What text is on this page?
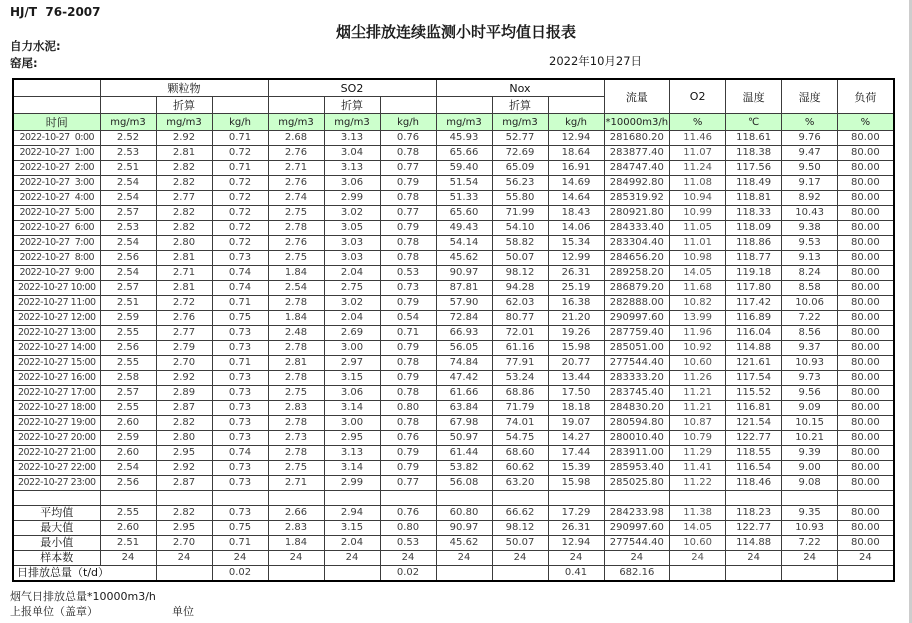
HJ/T  76-2007
烟尘排放连续监测小时平均值日报表
自力水泥:
窑尾:	2022年10月27日
	颗粒物			SO2			Nox			流量	O2	温度	湿度	负荷
		折算			折算			折算						
时间	mg/m3	mg/m3	kg/h	mg/m3	mg/m3	kg/h	mg/m3	mg/m3	kg/h	*10000m3/h	%	℃	%	%
2022-10-27  0:00	2.52	2.92	0.71	2.68	3.13	0.76	45.93	52.77	12.94	281680.20	11.46	118.61	9.76	80.00
2022-10-27  1:00	2.53	2.81	0.72	2.76	3.04	0.78	65.66	72.69	18.64	283877.40	11.07	118.38	9.47	80.00
2022-10-27  2:00	2.51	2.82	0.71	2.71	3.13	0.77	59.40	65.09	16.91	284747.40	11.24	117.56	9.50	80.00
2022-10-27  3:00	2.54	2.82	0.72	2.76	3.06	0.79	51.54	56.23	14.69	284992.80	11.08	118.49	9.17	80.00
2022-10-27  4:00	2.54	2.77	0.72	2.74	2.99	0.78	51.33	55.80	14.64	285319.92	10.94	118.81	8.92	80.00
2022-10-27  5:00	2.57	2.82	0.72	2.75	3.02	0.77	65.60	71.99	18.43	280921.80	10.99	118.33	10.43	80.00
2022-10-27  6:00	2.53	2.82	0.72	2.78	3.05	0.79	49.43	54.10	14.06	284333.40	11.05	118.09	9.38	80.00
2022-10-27  7:00	2.54	2.80	0.72	2.76	3.03	0.78	54.14	58.82	15.34	283304.40	11.01	118.86	9.53	80.00
2022-10-27  8:00	2.56	2.81	0.73	2.75	3.03	0.78	45.62	50.07	12.99	284656.20	10.98	118.77	9.13	80.00
2022-10-27  9:00	2.54	2.71	0.74	1.84	2.04	0.53	90.97	98.12	26.31	289258.20	14.05	119.18	8.24	80.00
2022-10-27 10:00	2.57	2.81	0.74	2.54	2.75	0.73	87.81	94.28	25.19	286879.20	11.68	117.80	8.58	80.00
2022-10-27 11:00	2.51	2.72	0.71	2.78	3.02	0.79	57.90	62.03	16.38	282888.00	10.82	117.42	10.06	80.00
2022-10-27 12:00	2.59	2.76	0.75	1.84	2.04	0.54	72.84	80.77	21.20	290997.60	13.99	116.89	7.22	80.00
2022-10-27 13:00	2.55	2.77	0.73	2.48	2.69	0.71	66.93	72.01	19.26	287759.40	11.96	116.04	8.56	80.00
2022-10-27 14:00	2.56	2.79	0.73	2.78	3.00	0.79	56.05	61.16	15.98	285051.00	10.92	114.88	9.37	80.00
2022-10-27 15:00	2.55	2.70	0.71	2.81	2.97	0.78	74.84	77.91	20.77	277544.40	10.60	121.61	10.93	80.00
2022-10-27 16:00	2.58	2.92	0.73	2.78	3.15	0.79	47.42	53.24	13.44	283333.20	11.26	117.54	9.73	80.00
2022-10-27 17:00	2.57	2.89	0.73	2.75	3.06	0.78	61.66	68.86	17.50	283745.40	11.21	115.52	9.56	80.00
2022-10-27 18:00	2.55	2.87	0.73	2.83	3.14	0.80	63.84	71.79	18.18	284830.20	11.21	116.81	9.09	80.00
2022-10-27 19:00	2.60	2.82	0.73	2.78	3.00	0.78	67.98	74.01	19.07	280594.80	10.87	121.54	10.15	80.00
2022-10-27 20:00	2.59	2.80	0.73	2.73	2.95	0.76	50.97	54.75	14.27	280010.40	10.79	122.77	10.21	80.00
2022-10-27 21:00	2.60	2.95	0.74	2.78	3.13	0.79	61.44	68.60	17.44	283911.00	11.29	118.55	9.39	80.00
2022-10-27 22:00	2.54	2.92	0.73	2.75	3.14	0.79	53.82	60.62	15.39	285953.40	11.41	116.54	9.00	80.00
2022-10-27 23:00	2.56	2.87	0.73	2.71	2.99	0.77	56.08	63.20	15.98	285025.80	11.22	118.46	9.08	80.00

平均值	2.55	2.82	0.73	2.66	2.94	0.76	60.80	66.62	17.29	284233.98	11.38	118.23	9.35	80.00
最大值	2.60	2.95	0.75	2.83	3.15	0.80	90.97	98.12	26.31	290997.60	14.05	122.77	10.93	80.00
最小值	2.51	2.70	0.71	1.84	2.04	0.53	45.62	50.07	12.94	277544.40	10.60	114.88	7.22	80.00
样本数	24	24	24	24	24	24	24	24	24	24	24	24	24	24
日排放总量（t/d）			0.02			0.02			0.41	682.16				
烟气日排放总量*10000m3/h
上报单位（盖章）	单位
